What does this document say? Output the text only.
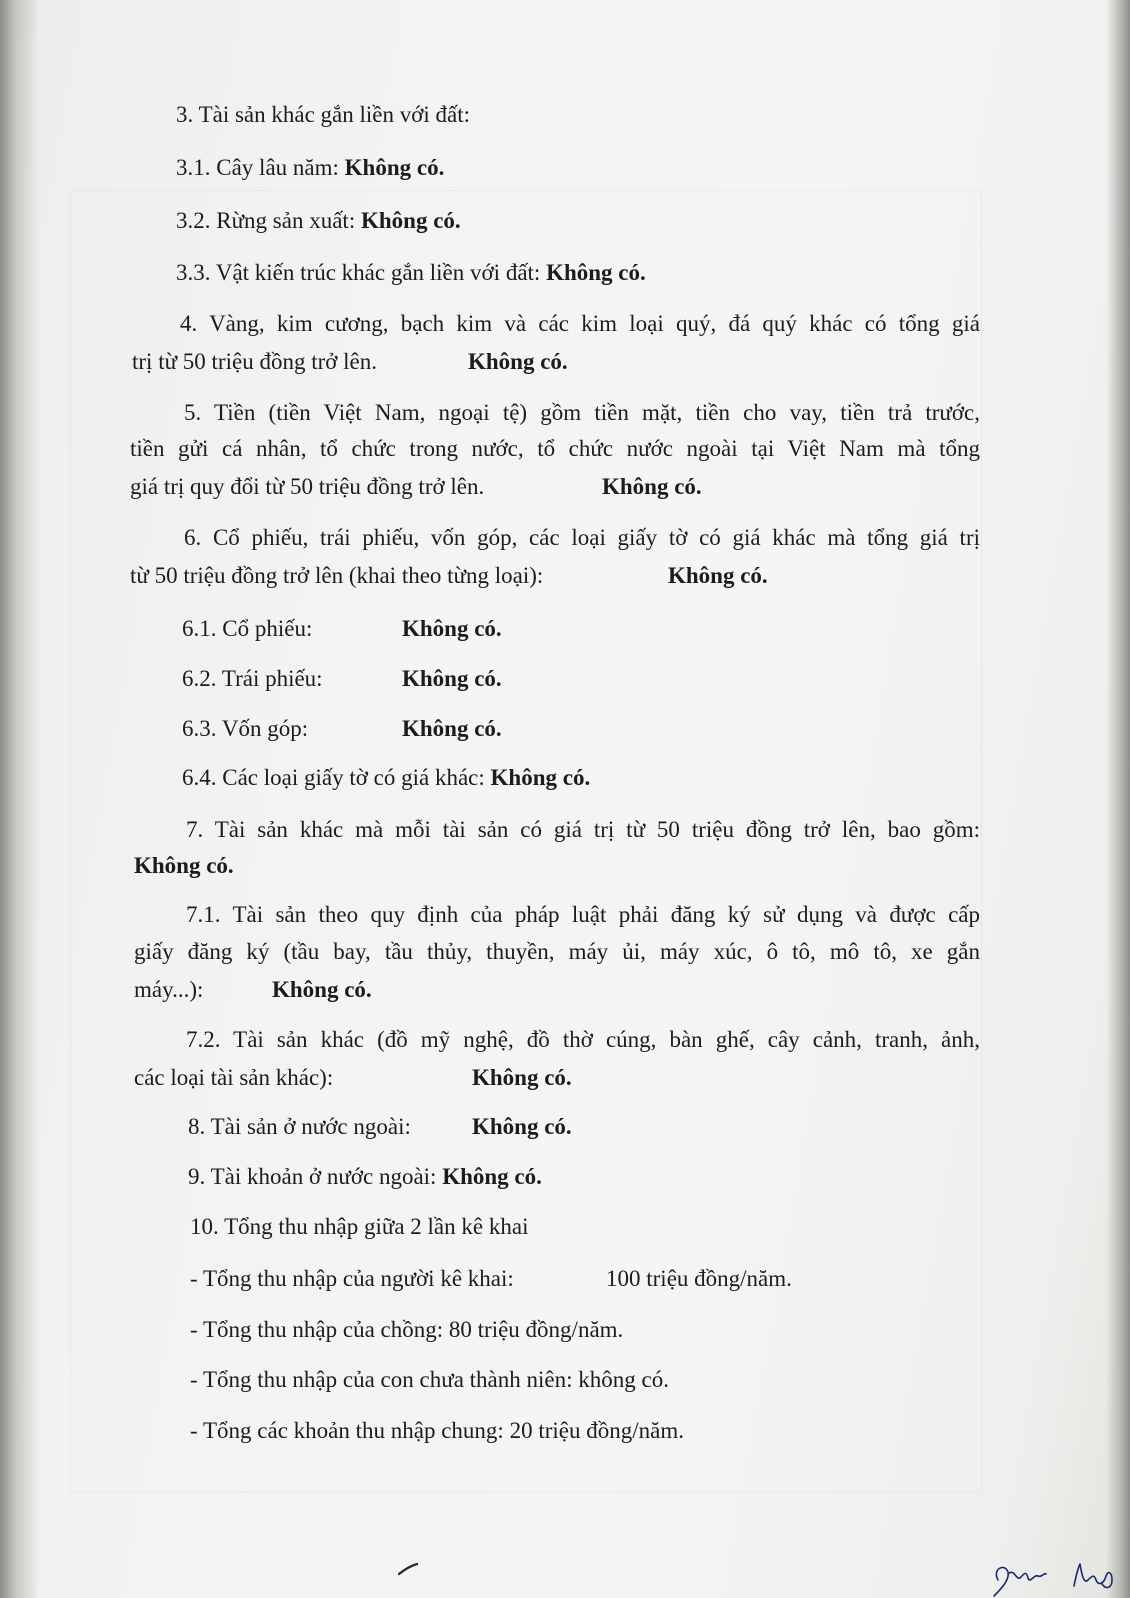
3. Tài sản khác gắn liền với đất:
3.1. Cây lâu năm: Không có.
3.2. Rừng sản xuất: Không có.
3.3. Vật kiến trúc khác gắn liền với đất: Không có.
4. Vàng, kim cương, bạch kim và các kim loại quý, đá quý khác có tổng giá
trị từ 50 triệu đồng trở lên.	Không có.
5. Tiền (tiền Việt Nam, ngoại tệ) gồm tiền mặt, tiền cho vay, tiền trả trước,
tiền gửi cá nhân, tổ chức trong nước, tổ chức nước ngoài tại Việt Nam mà tổng
giá trị quy đổi từ 50 triệu đồng trở lên.	Không có.
6. Cổ phiếu, trái phiếu, vốn góp, các loại giấy tờ có giá khác mà tổng giá trị
từ 50 triệu đồng trở lên (khai theo từng loại):	Không có.
6.1. Cổ phiếu:	Không có.
6.2. Trái phiếu:	Không có.
6.3. Vốn góp:	Không có.
6.4. Các loại giấy tờ có giá khác: Không có.
7. Tài sản khác mà mỗi tài sản có giá trị từ 50 triệu đồng trở lên, bao gồm:
Không có.
7.1. Tài sản theo quy định của pháp luật phải đăng ký sử dụng và được cấp
giấy đăng ký (tầu bay, tầu thủy, thuyền, máy ủi, máy xúc, ô tô, mô tô, xe gắn
máy...):	Không có.
7.2. Tài sản khác (đồ mỹ nghệ, đồ thờ cúng, bàn ghế, cây cảnh, tranh, ảnh,
các loại tài sản khác):	Không có.
8. Tài sản ở nước ngoài:	Không có.
9. Tài khoản ở nước ngoài: Không có.
10. Tổng thu nhập giữa 2 lần kê khai
- Tổng thu nhập của người kê khai:	100 triệu đồng/năm.
- Tổng thu nhập của chồng: 80 triệu đồng/năm.
- Tổng thu nhập của con chưa thành niên: không có.
- Tổng các khoản thu nhập chung: 20 triệu đồng/năm.
